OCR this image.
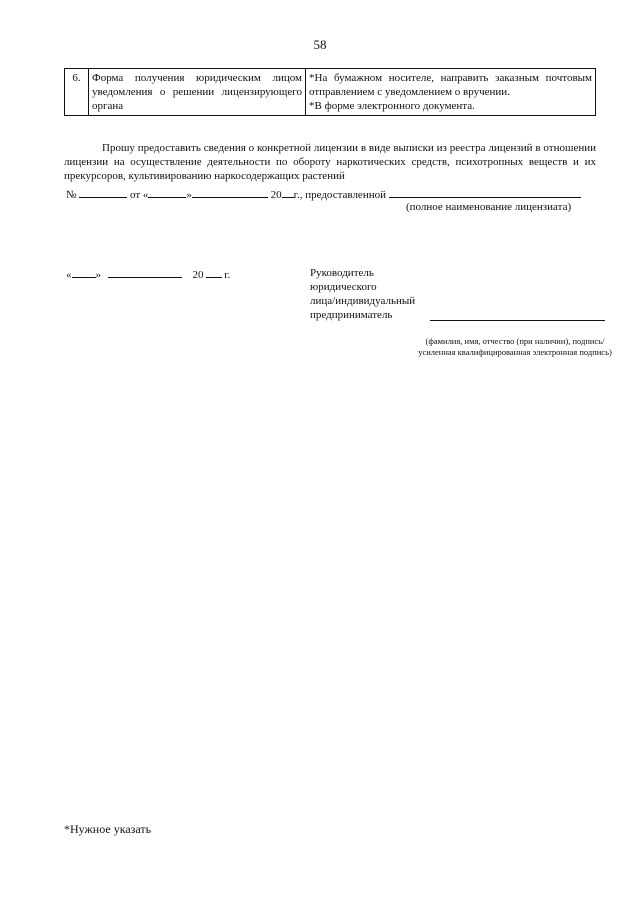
58
6.	Форма получения юридическим лицом уведомления о решении лицензирующего органа	
*На бумажном носителе, направить заказным почтовым отправлением с уведомлением о вручении.
*В форме электронного документа.
Прошу предоставить сведения о конкретной лицензии в виде выписки из реестра лицензий в отношении лицензии на осуществление деятельности по обороту наркотических средств, психотропных веществ и их прекурсоров, культивированию наркосодержащих растений
№	от «	»	20 г., предоставленной
(полное наименование лицензиата)
« »	20 г.	Руководитель
юридического
лица/индивидуальный
предприниматель
(фамилия, имя, отчество (при наличии), подпись/ усиленная квалифицированная электронная подпись)
*Нужное указать
